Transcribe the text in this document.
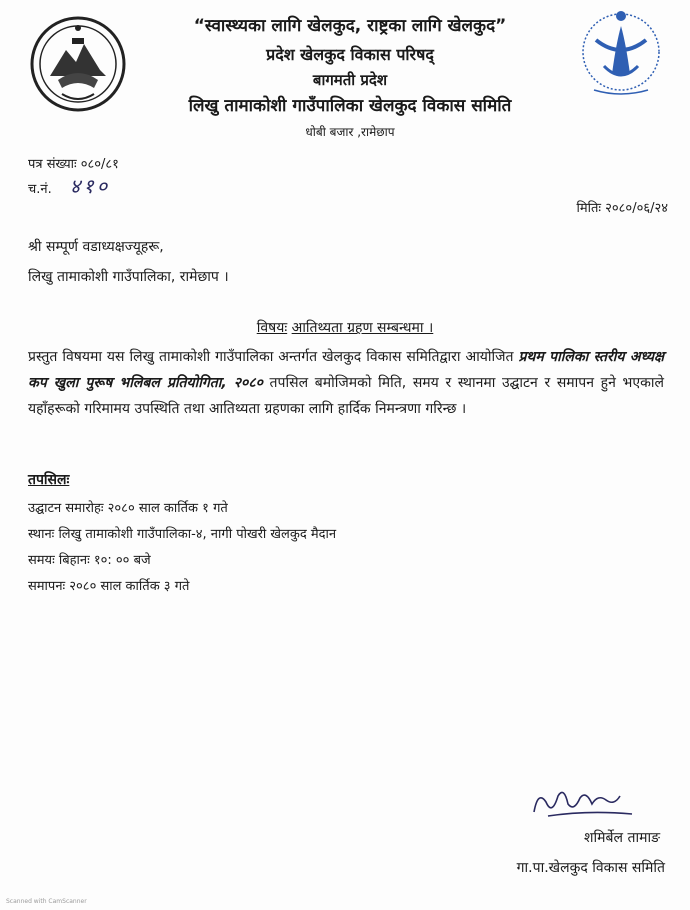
“स्वास्थ्यका लागि खेलकुद, राष्ट्रका लागि खेलकुद”
प्रदेश खेलकुद विकास परिषद्
बागमती प्रदेश
लिखु तामाकोशी गाउँपालिका खेलकुद विकास समिति
धोबी बजार ,रामेछाप
पत्र संख्याः ०८०/८१
च.नं. ४१०
मितिः २०८०/०६/२४
श्री सम्पूर्ण वडाध्यक्षज्यूहरू,
लिखु तामाकोशी गाउँपालिका, रामेछाप ।
विषयः आतिथ्यता ग्रहण सम्बन्धमा ।
प्रस्तुत विषयमा यस लिखु तामाकोशी गाउँपालिका अन्तर्गत खेलकुद विकास समितिद्वारा आयोजित प्रथम पालिका स्तरीय अध्यक्ष कप खुला पुरूष भलिबल प्रतियोगिता, २०८० तपसिल बमोजिमको मिति, समय र स्थानमा उद्घाटन र समापन हुने भएकाले यहाँहरूको गरिमामय उपस्थिति तथा आतिथ्यता ग्रहणका लागि हार्दिक निमन्त्रणा गरिन्छ ।
तपसिलः
उद्घाटन समारोहः २०८० साल कार्तिक १ गते
स्थानः लिखु तामाकोशी गाउँपालिका-४, नागी पोखरी खेलकुद मैदान
समयः बिहानः १०: ०० बजे
समापनः २०८० साल कार्तिक ३ गते
शमिर्बेल तामाङ
गा.पा.खेलकुद विकास समिति
Scanned with CamScanner
